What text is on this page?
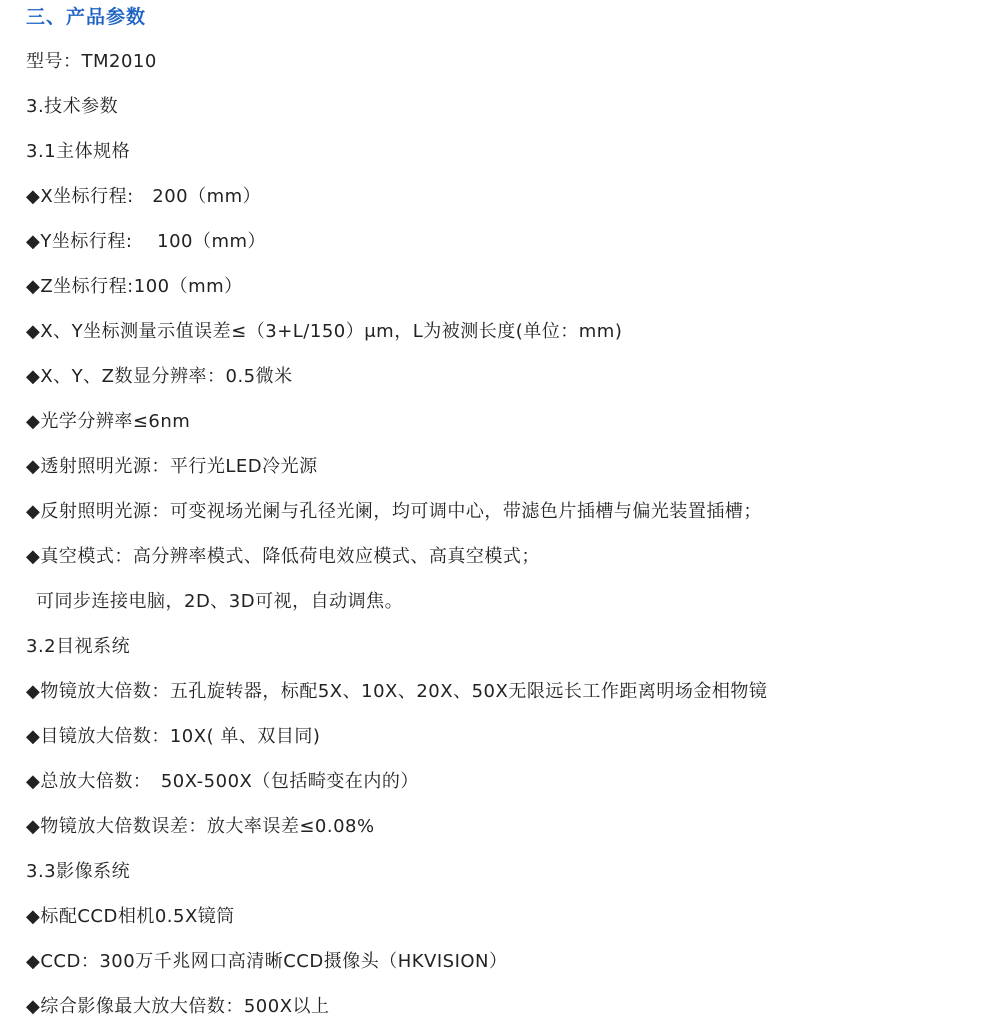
三、产品参数
型号：TM2010
3.技术参数
3.1主体规格
◆X坐标行程:　200（mm）
◆Y坐标行程:　 100（mm）
◆Z坐标行程:100（mm）
◆X、Y坐标测量示值误差≤（3+L/150）μm，L为被测长度(单位：mm)
◆X、Y、Z数显分辨率：0.5微米
◆光学分辨率≤6nm
◆透射照明光源：平行光LED冷光源
◆反射照明光源：可变视场光阑与孔径光阑，均可调中心，带滤色片插槽与偏光装置插槽；
◆真空模式：高分辨率模式、降低荷电效应模式、高真空模式；
可同步连接电脑，2D、3D可视，自动调焦。
3.2目视系统
◆物镜放大倍数：五孔旋转器，标配5X、10X、20X、50X无限远长工作距离明场金相物镜
◆目镜放大倍数：10X( 单、双目同)
◆总放大倍数：　50X-500X（包括畸变在内的）
◆物镜放大倍数误差：放大率误差≤0.08%
3.3影像系统
◆标配CCD相机0.5X镜筒
◆CCD：300万千兆网口高清晰CCD摄像头（HKVISION）
◆综合影像最大放大倍数：500X以上
